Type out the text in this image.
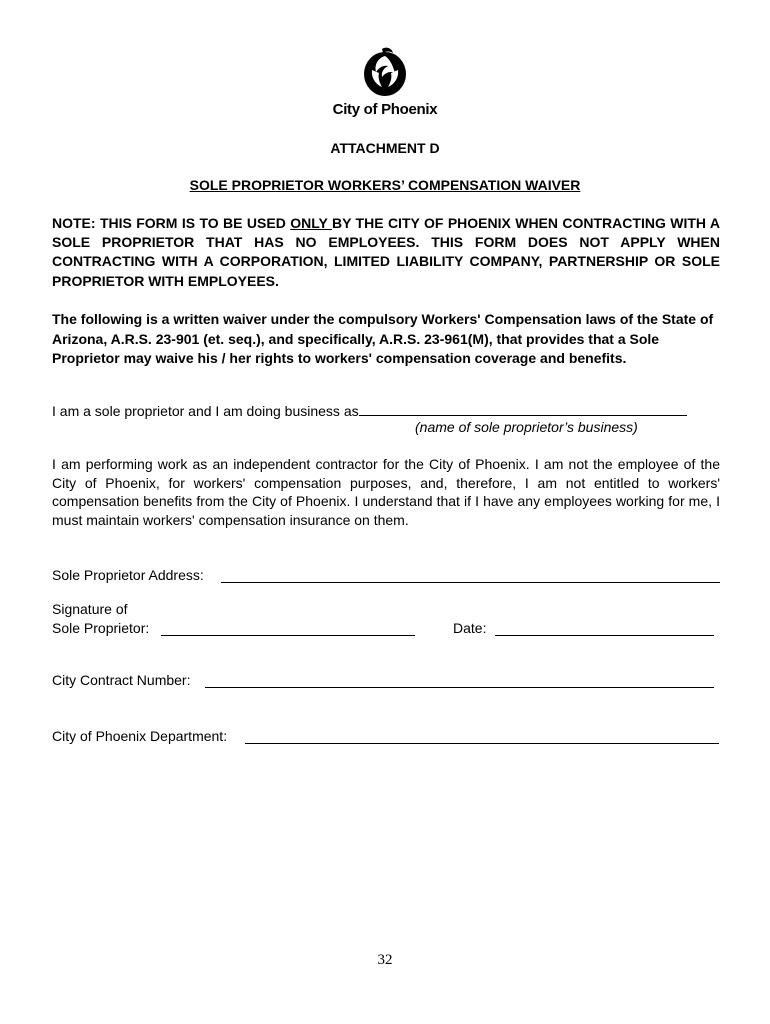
City of Phoenix
ATTACHMENT D
SOLE PROPRIETOR WORKERS’ COMPENSATION WAIVER
NOTE: THIS FORM IS TO BE USED ONLY BY THE CITY OF PHOENIX WHEN CONTRACTING WITH A SOLE PROPRIETOR THAT HAS NO EMPLOYEES. THIS FORM DOES NOT APPLY WHEN CONTRACTING WITH A CORPORATION, LIMITED LIABILITY COMPANY, PARTNERSHIP OR SOLE PROPRIETOR WITH EMPLOYEES.
The following is a written waiver under the compulsory Workers' Compensation laws of the State of Arizona, A.R.S. 23-901 (et. seq.), and specifically, A.R.S. 23-961(M), that provides that a Sole Proprietor may waive his / her rights to workers' compensation coverage and benefits.
I am a sole proprietor and I am doing business as
(name of sole proprietor’s business)
I am performing work as an independent contractor for the City of Phoenix. I am not the employee of the City of Phoenix, for workers' compensation purposes, and, therefore, I am not entitled to workers' compensation benefits from the City of Phoenix. I understand that if I have any employees working for me, I must maintain workers' compensation insurance on them.
Sole Proprietor Address:
Signature of
Sole Proprietor:	Date:
City Contract Number:
City of Phoenix Department:
32
